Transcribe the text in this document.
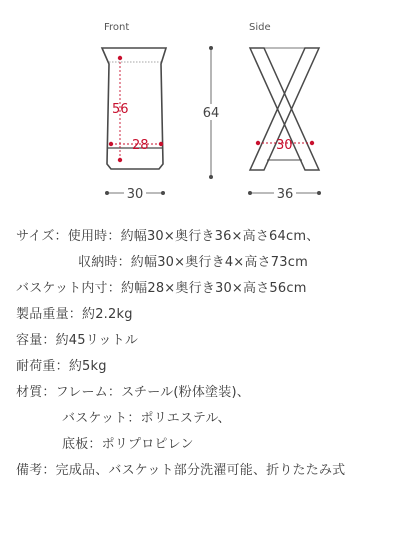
Front
56
28
30
64
Side
30
36
サイズ：使用時：約幅30×奥行き36×高さ64cm、
収納時：約幅30×奥行き4×高さ73cm
バスケット内寸：約幅28×奥行き30×高さ56cm
製品重量：約2.2kg
容量：約45リットル
耐荷重：約5kg
材質：フレーム：スチール(粉体塗装)、
バスケット：ポリエステル、
底板：ポリプロピレン
備考：完成品、バスケット部分洗濯可能、折りたたみ式
